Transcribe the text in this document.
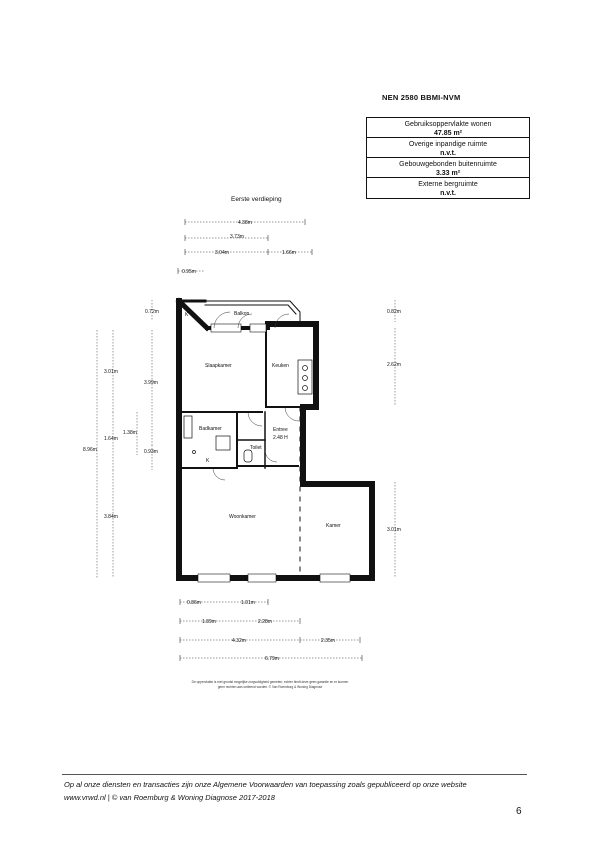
NEN 2580 BBMI-NVM
Gebruiksoppervlakte wonen
47.85 m²
Overige inpandige ruimte
n.v.t.
Gebouwgebonden buitenruimte
3.33 m²
Externe bergruimte
n.v.t.
Eerste verdieping
4.38m
3.73m
3.04m	1.66m
0.95m
0.72m
3.01m
3.99m
1.38m
1.64m
8.96m	0.93m
3.84m
0.82m
2.62m
3.01m
0.86m	1.01m
1.89m	2.28m
4.32m	2.35m
6.79m
K	Balkon
Slaapkamer	Keuken
Badkamer	Entree
2.48 H
Toilet
K
Woonkamer
Kamer
De oppervlakte is met grootst mogelijke zorgvuldigheid gemeten; echter biedt deze geen garantie en er kunnen geen rechten aan ontleend worden. © Van Roemburg & Woning Diagnose
Op al onze diensten en transacties zijn onze Algemene Voorwaarden van toepassing zoals gepubliceerd op onze website
www.vrwd.nl | © van Roemburg & Woning Diagnose 2017-2018
6
